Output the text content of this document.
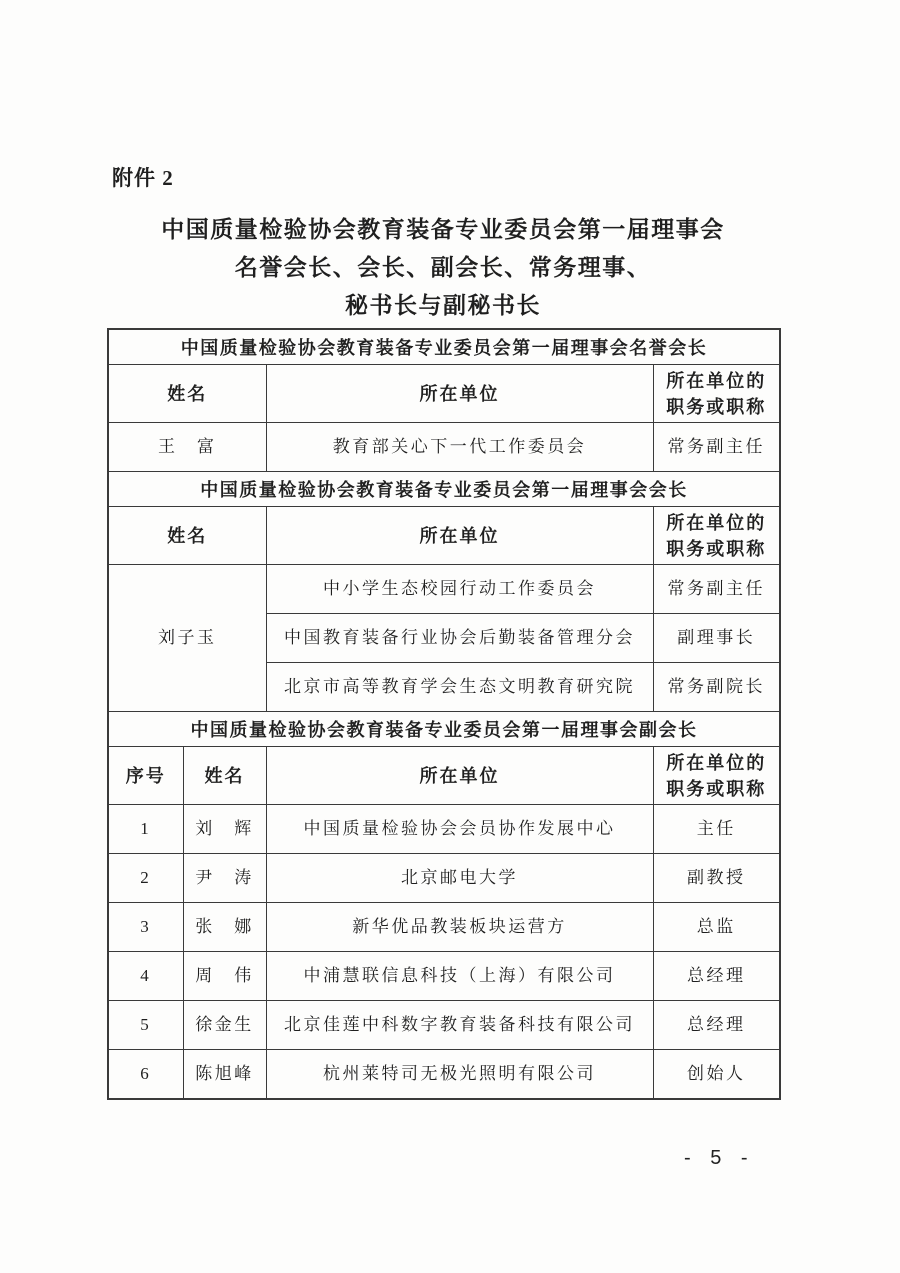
附件 2
中国质量检验协会教育装备专业委员会第一届理事会
名誉会长、会长、副会长、常务理事、
秘书长与副秘书长
中国质量检验协会教育装备专业委员会第一届理事会名誉会长			
姓名		所在单位	所在单位的职务或职称
王　富		教育部关心下一代工作委员会	常务副主任
中国质量检验协会教育装备专业委员会第一届理事会会长			
姓名		所在单位	所在单位的职务或职称
刘子玉		中小学生态校园行动工作委员会	常务副主任
		中国教育装备行业协会后勤装备管理分会	副理事长
		北京市高等教育学会生态文明教育研究院	常务副院长
中国质量检验协会教育装备专业委员会第一届理事会副会长			
序号	姓名	所在单位	所在单位的职务或职称
1	刘　辉	中国质量检验协会会员协作发展中心	主任
2	尹　涛	北京邮电大学	副教授
3	张　娜	新华优品教装板块运营方	总监
4	周　伟	中浦慧联信息科技（上海）有限公司	总经理
5	徐金生	北京佳莲中科数字教育装备科技有限公司	总经理
6	陈旭峰	杭州莱特司无极光照明有限公司	创始人
- 5 -
